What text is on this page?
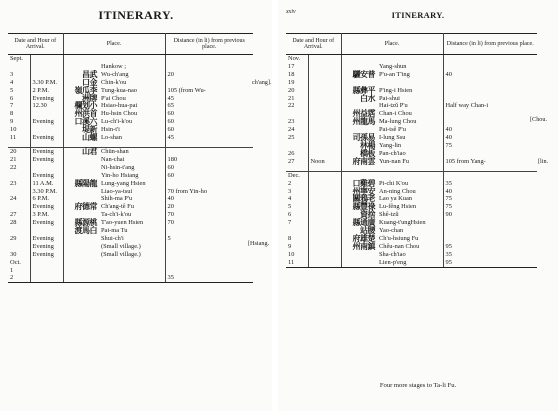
ITINERARY.
Date and Hour of Arrival.		Place.		Distance (in li) from previous place.
Sept.				
			Hankow ;	
3		昌武	Wu-ch'ang	20
4	3.30 P.M.	口金	Chin-k'ou	
5	2 P.M.	嶺瓜李	Tung-kua-nao	105 (from Wu-
6	Evening	洲牌	P'ai Chou	45
7	12.30	欄划小	Hsiao-hua-pai	65
8		州洪首	Hu-hsin Chou	60
9	Evening	口溪六	Lu-ch'i-k'ou	60
10		堤新	Hsin-t'i	60
11	Evening	山螺	Lo-shan	45

20	Evening	山君	Chün-shan	
21	Evening		Nan-chai	180
22			Ni-hsin-t'ang	60
	Evening		Yin-ho Hsiang	60
23	11 A.M.	縣陽龍	Lung-yang Hsien	
	3.30 P.M.		Liao-ya-tsui	70 from Yin-ho
24	6 P.M.		Shih-ma P'u	40
	Evening	府德常	Ch'ang-tê Fu	20
27	3 P.M.		Ta-ch'i-k'ou	70
28	Evening	縣源桃	T'ao-yuen Hsien	70
		渡馬白	Pai-ma Tu	
29	Evening		Shui-ch'i	5
	Evening		(Small village.)	
30	Evening		(Small village.)	
Oct.				
1				
2				35
[Hsiang.
ch'ang].
xxiv	ITINERARY.
Date and Hour of Arrival.		Place.		Distance (in li) from previous place.
Nov.				
17			Yang-shun	
18		驪安普	P'u-an T'ing	40
19				
20		縣彝平	P'ing-i Hsien	
21		白水	Pai-shui	
22			Hai-tzŭ P'u	Half way Chan-i
		州益霑	Chan-i Chou	
23		州龍馬	Ma-lung Chou	
24			Pai-tsê P'u	40
25		司孫易	I-lung Ssu	40
		林楊	Yang-lin	75
26		橋板	Pan-ch'iao	
27	Noon	府南雲	Yun-nan Fu	105 from Yang-

Dec.				
2		口雞碧	Pi-chi K'ou	35
3		州寧安	An-ning Chou	40
4		關鴉老	Lao ya Kuan	75
5		縣豐祿	Lu-fêng Hsien	75
6		資捨	Shê-tzŭ	90
7		縣通廣	Kuang-t'ungHsien	
		站腰	Yao-chan	
8		府雄楚	Ch'u-hsiung Fu	
9		州南鎮	Chêu-nan Chou	95
10			Sha-ch'iao	35
11			Lien-p'eng	95
[Chou.
[lin.
Four more stages to Ta-li Fu.
